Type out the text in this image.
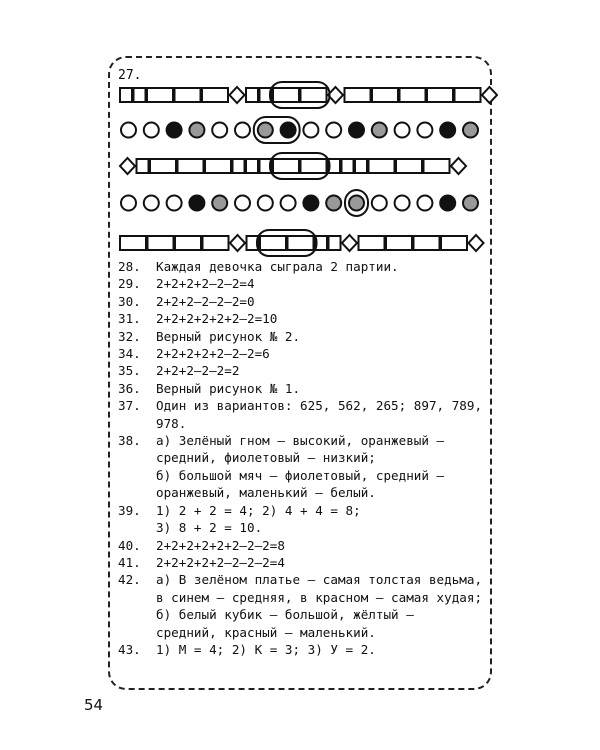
27.
28.	Каждая девочка сыграла 2 партии.
29.	2+2+2+2–2–2=4
30.	2+2+2–2–2–2=0
31.	2+2+2+2+2+2–2=10
32.	Верный рисунок № 2.
34.	2+2+2+2+2–2–2=6
35.	2+2+2–2–2=2
36.	Верный рисунок № 1.
37.	Один из вариантов: 625, 562, 265; 897, 789,
978.
38.	а) Зелёный гном — высокий, оранжевый —
средний, фиолетовый — низкий;
б) большой мяч — фиолетовый, средний —
оранжевый, маленький — белый.
39.	1) 2 + 2 = 4; 2) 4 + 4 = 8;
3) 8 + 2 = 10.
40.	2+2+2+2+2+2–2–2=8
41.	2+2+2+2+2–2–2–2=4
42.	а) В зелёном платье — самая толстая ведьма,
в синем — средняя, в красном — самая худая;
б) белый кубик — большой, жёлтый —
средний, красный — маленький.
43.	1) М = 4; 2) К = 3; 3) У = 2.
54
